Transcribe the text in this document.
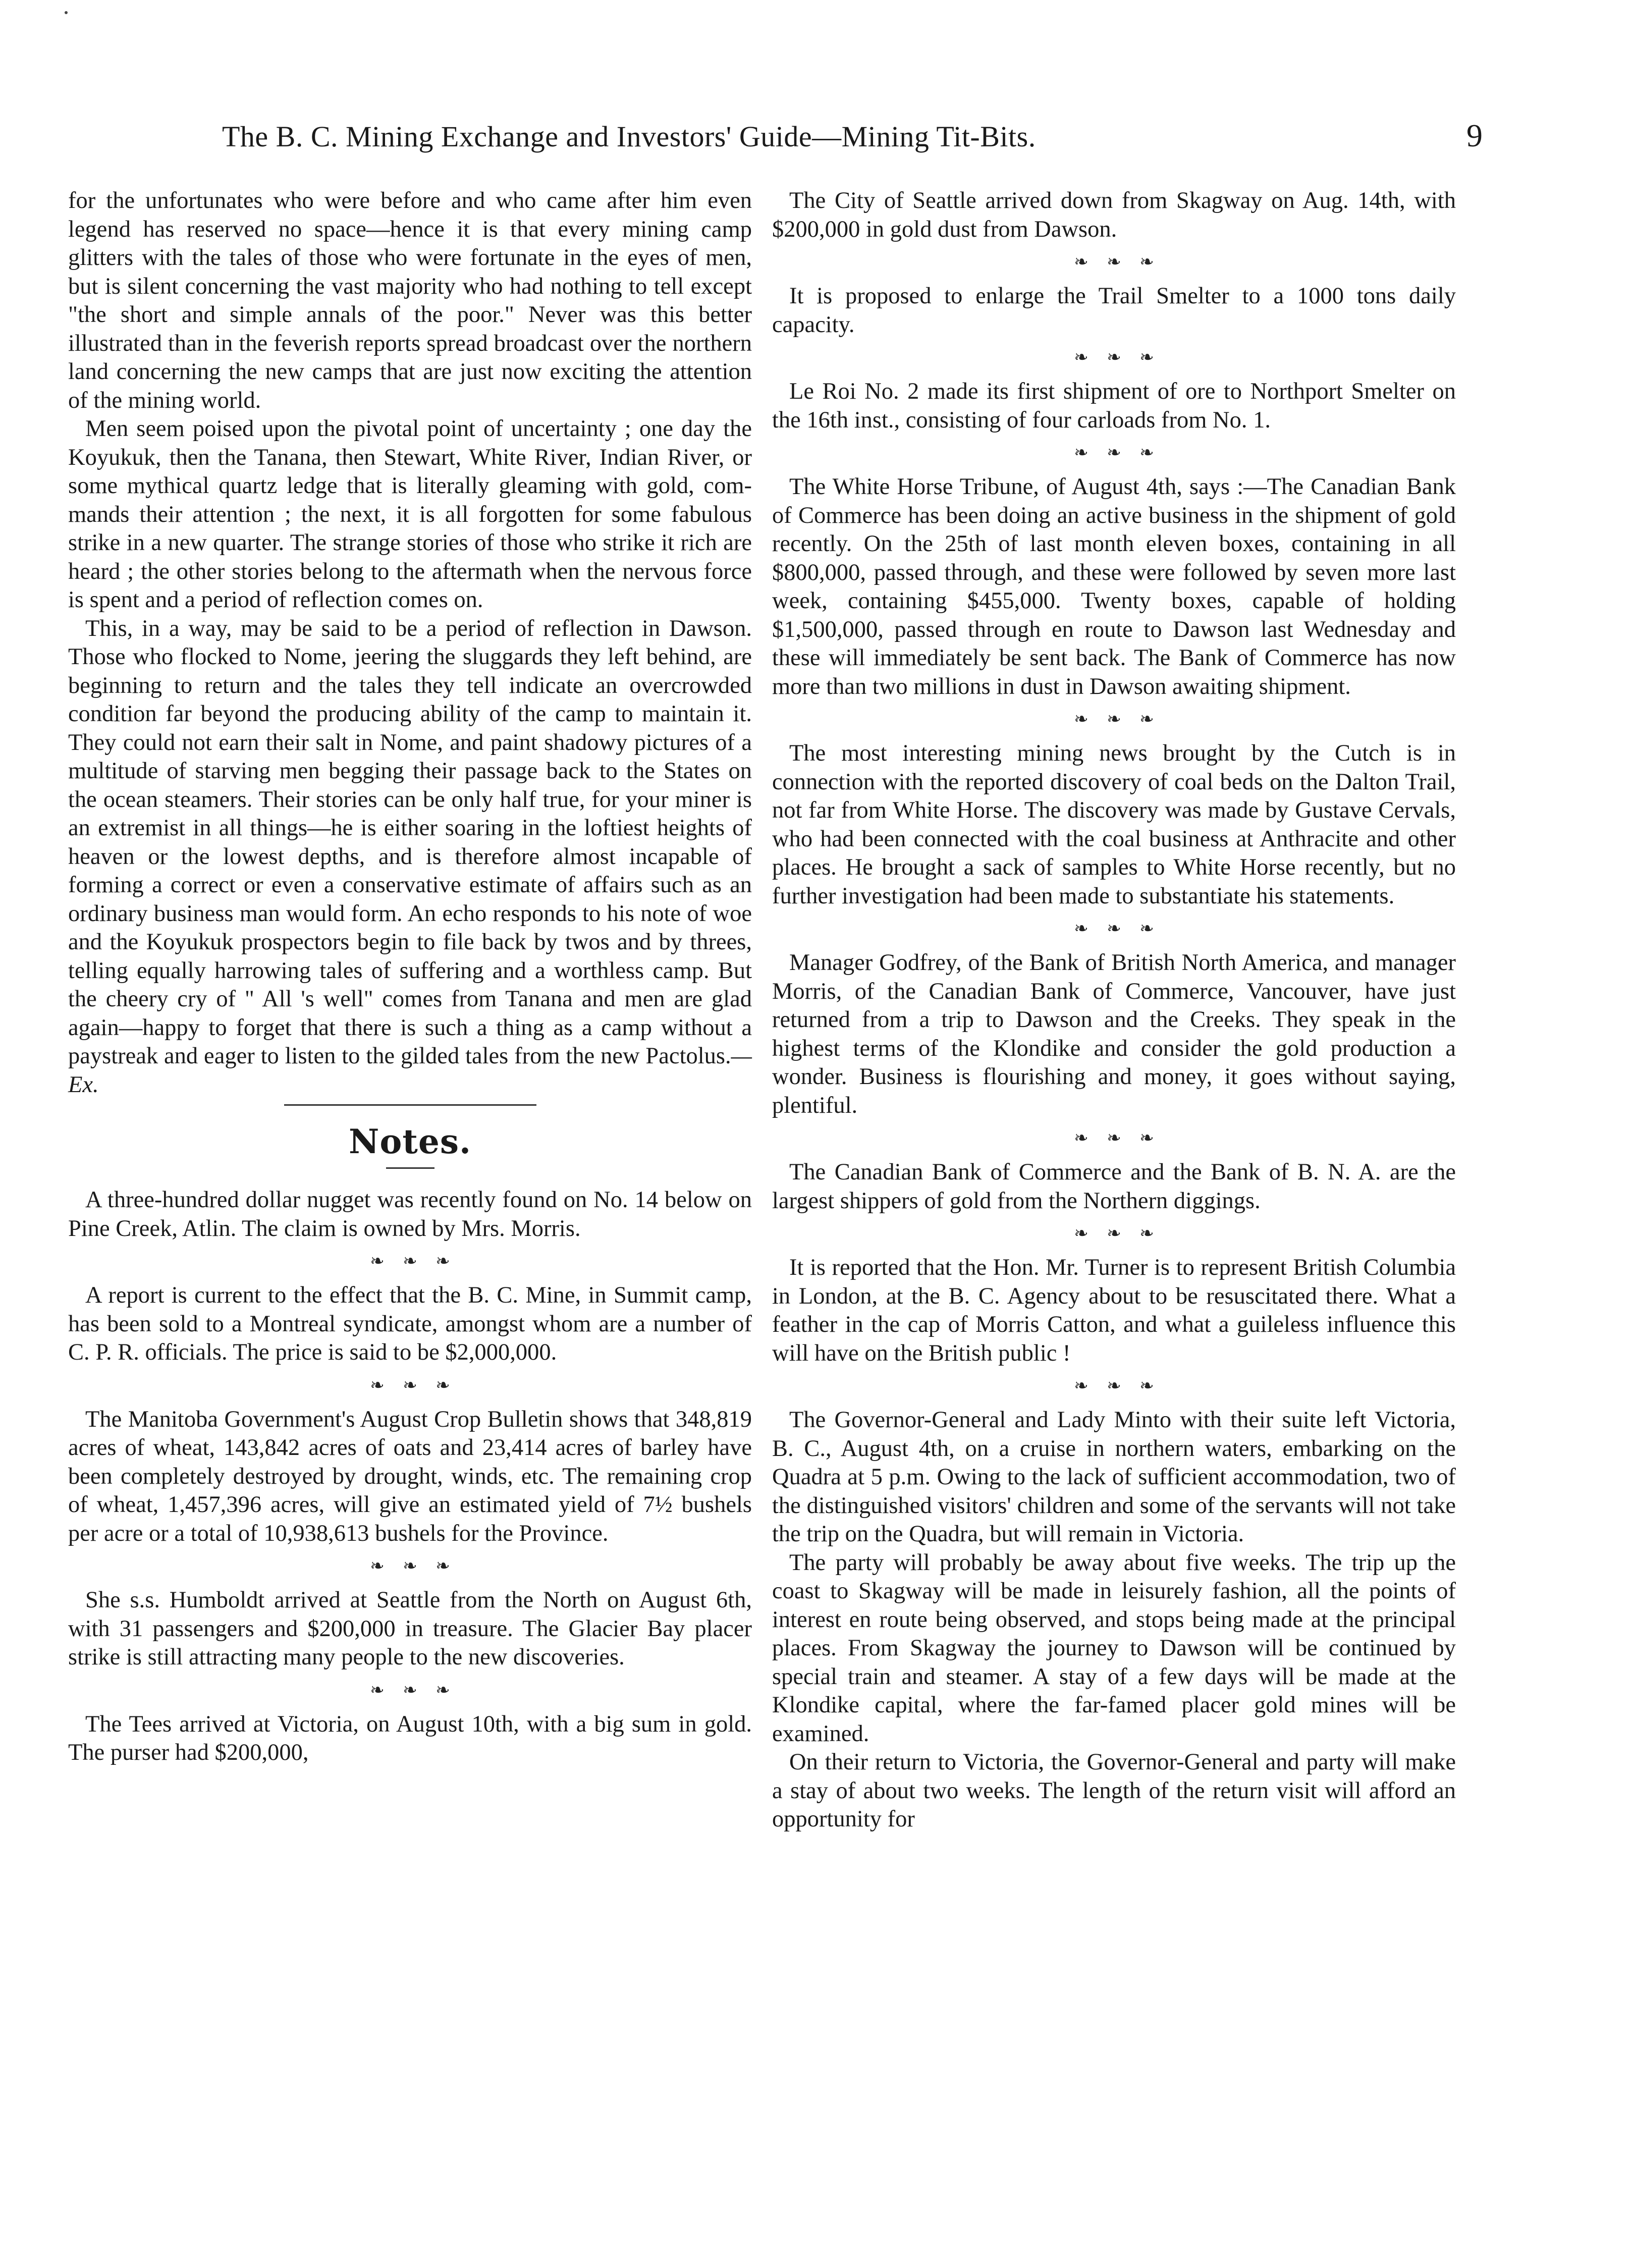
The B. C. Mining Exchange and Investors' Guide—Mining Tit-Bits.	9

for the unfortunates who were before and who came after him even legend has reserved no space—hence it is that every mining camp glitters with the tales of those who were fortunate in the eyes of men, but is silent concerning the vast majority who had nothing to tell except "the short and simple annals of the poor." Never was this better illustrated than in the feverish reports spread broadcast over the northern land concerning the new camps that are just now exciting the attention of the mining world.

Men seem poised upon the pivotal point of uncertainty ; one day the Koyukuk, then the Tanana, then Stewart, White River, Indian River, or some mythical quartz ledge that is literally gleaming with gold, commands their attention ; the next, it is all forgotten for some fabulous strike in a new quarter. The strange stories of those who strike it rich are heard ; the other stories belong to the aftermath when the nervous force is spent and a period of reflection comes on.

This, in a way, may be said to be a period of reflection in Dawson. Those who flocked to Nome, jeering the sluggards they left behind, are beginning to return and the tales they tell indicate an overcrowded condition far beyond the producing ability of the camp to maintain it. They could not earn their salt in Nome, and paint shadowy pictures of a multitude of starving men begging their passage back to the States on the ocean steamers. Their stories can be only half true, for your miner is an extremist in all things—he is either soaring in the loftiest heights of heaven or the lowest depths, and is therefore almost incapable of forming a correct or even a conservative estimate of affairs such as an ordinary business man would form. An echo responds to his note of woe and the Koyukuk prospectors begin to file back by twos and by threes, telling equally harrowing tales of suffering and a worthless camp. But the cheery cry of " All 's well" comes from Tanana and men are glad again—happy to forget that there is such a thing as a camp without a paystreak and eager to listen to the gilded tales from the new Pactolus.—Ex.

Notes.

A three-hundred dollar nugget was recently found on No. 14 below on Pine Creek, Atlin. The claim is owned by Mrs. Morris.

❧ ❧ ❧

A report is current to the effect that the B. C. Mine, in Summit camp, has been sold to a Montreal syndicate, amongst whom are a number of C. P. R. officials. The price is said to be $2,000,000.

❧ ❧ ❧

The Manitoba Government's August Crop Bulletin shows that 348,819 acres of wheat, 143,842 acres of oats and 23,414 acres of barley have been completely destroyed by drought, winds, etc. The remaining crop of wheat, 1,457,396 acres, will give an estimated yield of 7½ bushels per acre or a total of 10,938,613 bushels for the Province.

❧ ❧ ❧

She s.s. Humboldt arrived at Seattle from the North on August 6th, with 31 passengers and $200,000 in treasure. The Glacier Bay placer strike is still attracting many people to the new discoveries.

❧ ❧ ❧

The Tees arrived at Victoria, on August 10th, with a big sum in gold. The purser had $200,000,

The City of Seattle arrived down from Skagway on Aug. 14th, with $200,000 in gold dust from Dawson.

❧ ❧ ❧

It is proposed to enlarge the Trail Smelter to a 1000 tons daily capacity.

❧ ❧ ❧

Le Roi No. 2 made its first shipment of ore to Northport Smelter on the 16th inst., consisting of four carloads from No. 1.

❧ ❧ ❧

The White Horse Tribune, of August 4th, says :—The Canadian Bank of Commerce has been doing an active business in the shipment of gold recently. On the 25th of last month eleven boxes, containing in all $800,000, passed through, and these were followed by seven more last week, containing $455,000. Twenty boxes, capable of holding $1,500,000, passed through en route to Dawson last Wednesday and these will immediately be sent back. The Bank of Commerce has now more than two millions in dust in Dawson awaiting shipment.

❧ ❧ ❧

The most interesting mining news brought by the Cutch is in connection with the reported discovery of coal beds on the Dalton Trail, not far from White Horse. The discovery was made by Gustave Cervals, who had been connected with the coal business at Anthracite and other places. He brought a sack of samples to White Horse recently, but no further investigation had been made to substantiate his statements.

❧ ❧ ❧

Manager Godfrey, of the Bank of British North America, and manager Morris, of the Canadian Bank of Commerce, Vancouver, have just returned from a trip to Dawson and the Creeks. They speak in the highest terms of the Klondike and consider the gold production a wonder. Business is flourishing and money, it goes without saying, plentiful.

❧ ❧ ❧

The Canadian Bank of Commerce and the Bank of B. N. A. are the largest shippers of gold from the Northern diggings.

❧ ❧ ❧

It is reported that the Hon. Mr. Turner is to represent British Columbia in London, at the B. C. Agency about to be resuscitated there. What a feather in the cap of Morris Catton, and what a guileless influence this will have on the British public !

❧ ❧ ❧

The Governor-General and Lady Minto with their suite left Victoria, B. C., August 4th, on a cruise in northern waters, embarking on the Quadra at 5 p.m. Owing to the lack of sufficient accommodation, two of the distinguished visitors' children and some of the servants will not take the trip on the Quadra, but will remain in Victoria.

The party will probably be away about five weeks. The trip up the coast to Skagway will be made in leisurely fashion, all the points of interest en route being observed, and stops being made at the principal places. From Skagway the journey to Dawson will be continued by special train and steamer. A stay of a few days will be made at the Klondike capital, where the far-famed placer gold mines will be examined.

On their return to Victoria, the Governor-General and party will make a stay of about two weeks. The length of the return visit will afford an opportunity for
